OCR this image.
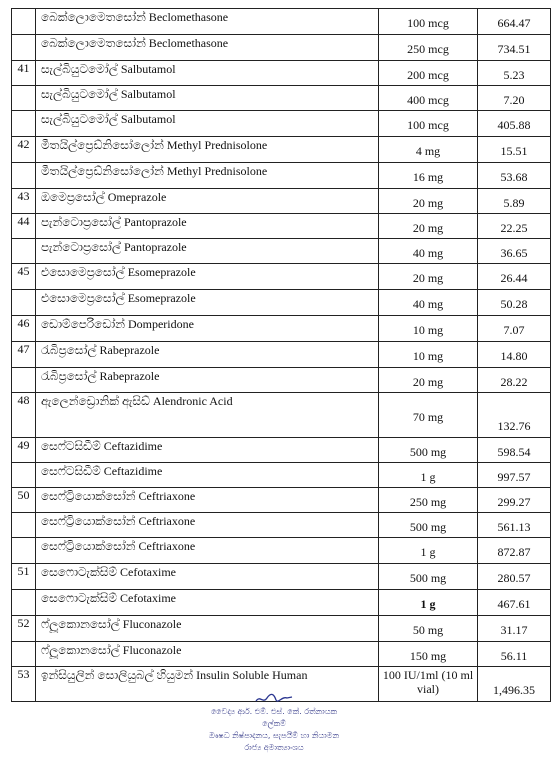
	බෙක්ලොමෙතසෝන් Beclomethasone	100 mcg	664.47
	බෙක්ලොමෙතසෝන් Beclomethasone	250 mcg	734.51
41	සැල්බියුටමෝල් Salbutamol	200 mcg	5.23
	සැල්බියුටමෝල් Salbutamol	400 mcg	7.20
	සැල්බියුටමෝල් Salbutamol	100 mcg	405.88
42	මීතයිල්ප්‍රෙඩ්නිසෝලෝන් Methyl Prednisolone	4 mg	15.51
	මීතයිල්ප්‍රෙඩ්නිසෝලෝන් Methyl Prednisolone	16 mg	53.68
43	ඔමෙප්‍රසෝල් Omeprazole	20 mg	5.89
44	පැන්ටොප්‍රසෝල් Pantoprazole	20 mg	22.25
	පැන්ටොප්‍රසෝල් Pantoprazole	40 mg	36.65
45	එසොමෙප්‍රසෝල් Esomeprazole	20 mg	26.44
	එසොමෙප්‍රසෝල් Esomeprazole	40 mg	50.28
46	ඩොම්පෙරිඩෝන් Domperidone	10 mg	7.07
47	රැබිප්‍රසෝල් Rabeprazole	10 mg	14.80
	රැබිප්‍රසෝල් Rabeprazole	20 mg	28.22
48	ඇලෙන්ඩ්‍රොනික් ඇසිඩ් Alendronic Acid	70 mg	132.76
49	සෙෆ්ටසිඩීම් Ceftazidime	500 mg	598.54
	සෙෆ්ටසිඩීම් Ceftazidime	1 g	997.57
50	සෙෆ්ට්‍රියොක්සෝන් Ceftriaxone	250 mg	299.27
	සෙෆ්ට්‍රියොක්සෝන් Ceftriaxone	500 mg	561.13
	සෙෆ්ට්‍රියොක්සෝන් Ceftriaxone	1 g	872.87
51	සෙෆොටැක්සිම් Cefotaxime	500 mg	280.57
	සෙෆොටැක්සිම් Cefotaxime	1 g	467.61
52	ෆ්ලූකොනසෝල් Fluconazole	50 mg	31.17
	ෆ්ලූකොනසෝල් Fluconazole	150 mg	56.11
53	ඉන්සියුලින් සොලියුබල් හියුමන් Insulin Soluble Human	100 IU/1ml (10 ml vial)	1,496.35
වෛද්‍ය ආර්. එම්. එස්. කේ. රත්නායක
ලේකම්
ඖෂධ නිෂ්පාදනය, සැපයීම් හා නියාමන
රාජ්‍ය අමාත්‍යාංශය
